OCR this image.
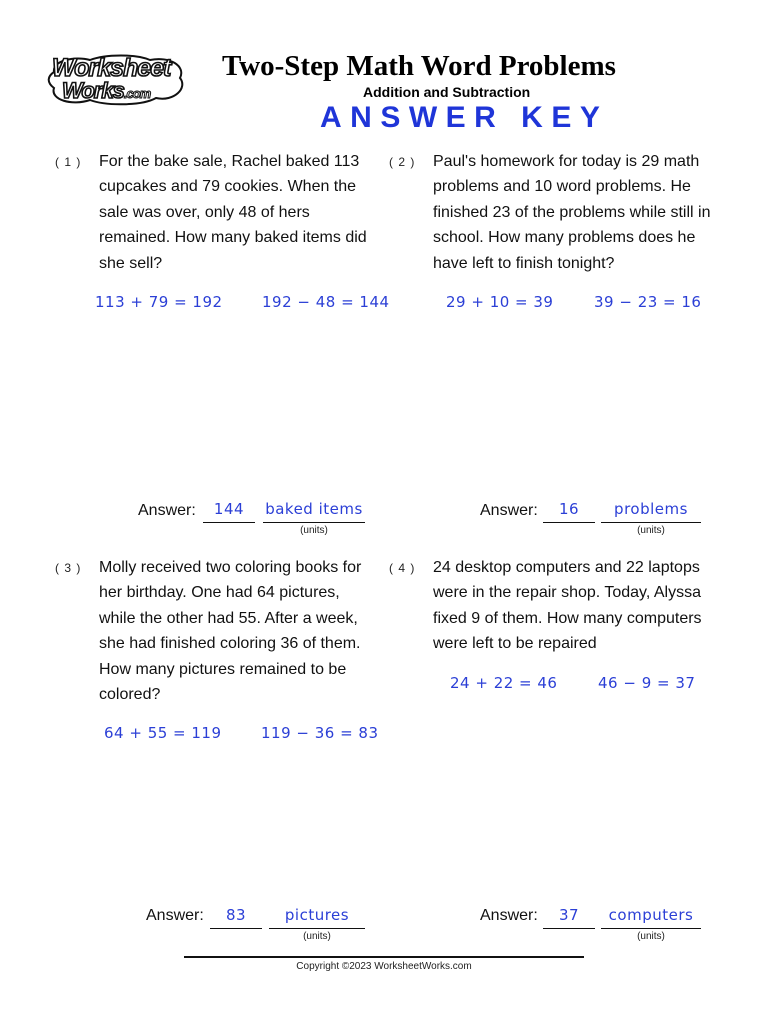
Worksheet
Works.com
Two-Step Math Word Problems
Addition and Subtraction
ANSWER KEY
( 1 ) For the bake sale, Rachel baked 113 cupcakes and 79 cookies. When the sale was over, only 48 of hers remained. How many baked items did she sell?
113 + 79 = 192	192 − 48 = 144
Answer:	144	baked items
(units)
( 2 ) Paul's homework for today is 29 math problems and 10 word problems. He finished 23 of the problems while still in school. How many problems does he have left to finish tonight?
29 + 10 = 39	39 − 23 = 16
Answer:	16	problems
(units)
( 3 ) Molly received two coloring books for her birthday. One had 64 pictures, while the other had 55. After a week, she had finished coloring 36 of them. How many pictures remained to be colored?
64 + 55 = 119	119 − 36 = 83
Answer:	83	pictures
(units)
( 4 ) 24 desktop computers and 22 laptops were in the repair shop. Today, Alyssa fixed 9 of them. How many computers were left to be repaired
24 + 22 = 46	46 − 9 = 37
Answer:	37	computers
(units)
Copyright ©2023 WorksheetWorks.com
